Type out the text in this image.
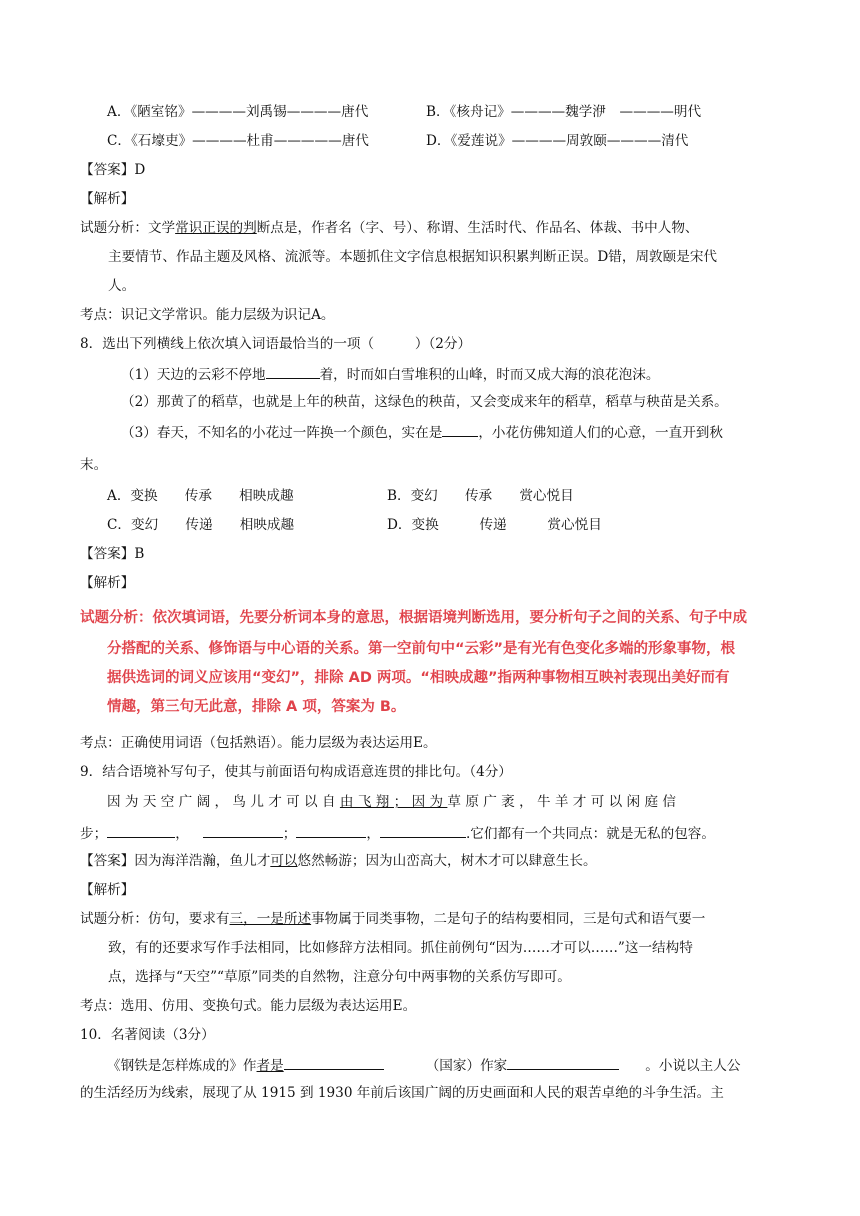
A．《陋室铭》————刘禹锡————唐代	B．《核舟记》————魏学洢　————明代
C．《石壕吏》————杜甫—————唐代	D．《爱莲说》————周敦颐————清代
【答案】D
【解析】
试题分析：文学常识正误的判断点是，作者名（字、号）、称谓、生活时代、作品名、体裁、书中人物、
主要情节、作品主题及风格、流派等。本题抓住文字信息根据知识积累判断正误。D错，周敦颐是宋代
人。
考点：识记文学常识。能力层级为识记A。
8．选出下列横线上依次填入词语最恰当的一项（　　　）（2分）
（1）天边的云彩不停地	着，时而如白雪堆积的山峰，时而又成大海的浪花泡沫。
（2）那黄了的稻草，也就是上年的秧苗，这绿色的秧苗，又会变成来年的稻草，稻草与秧苗是关系。
（3）春天，不知名的小花过一阵换一个颜色，实在是	，小花仿佛知道人们的心意，一直开到秋
末。
A．变换　　传承　　相映成趣	B．变幻　　传承　　赏心悦目
C．变幻　　传递　　相映成趣	D．变换　　　传递　　　赏心悦目
【答案】B
【解析】
试题分析：依次填词语，先要分析词本身的意思，根据语境判断选用，要分析句子之间的关系、句子中成
分搭配的关系、修饰语与中心语的关系。第一空前句中“云彩”是有光有色变化多端的形象事物，根
据供选词的词义应该用“变幻”，排除 AD 两项。“相映成趣”指两种事物相互映衬表现出美好而有
情趣，第三句无此意，排除 A 项，答案为 B。
考点：正确使用词语（包括熟语）。能力层级为表达运用E。
9．结合语境补写句子，使其与前面语句构成语意连贯的排比句。（4分）
因 为 天 空 广 阔 ， 鸟 儿 才 可 以 自 由 飞 翔 ； 因 为 草 原 广 袤 ， 牛 羊 才 可 以 闲 庭 信
步；	，	；	，	.它们都有一个共同点：就是无私的包容。
【答案】因为海洋浩瀚，鱼儿才可以悠然畅游；因为山峦高大，树木才可以肆意生长。
【解析】
试题分析：仿句，要求有三，一是所述事物属于同类事物，二是句子的结构要相同，三是句式和语气要一
致，有的还要求写作手法相同，比如修辞方法相同。抓住前例句“因为……才可以……”这一结构特
点，选择与“天空”“草原”同类的自然物，注意分句中两事物的关系仿写即可。
考点：选用、仿用、变换句式。能力层级为表达运用E。
10．名著阅读（3分）
《钢铁是怎样炼成的》作者是	（国家）作家	。小说以主人公
的生活经历为线索，展现了从 1915 到 1930 年前后该国广阔的历史画面和人民的艰苦卓绝的斗争生活。主
